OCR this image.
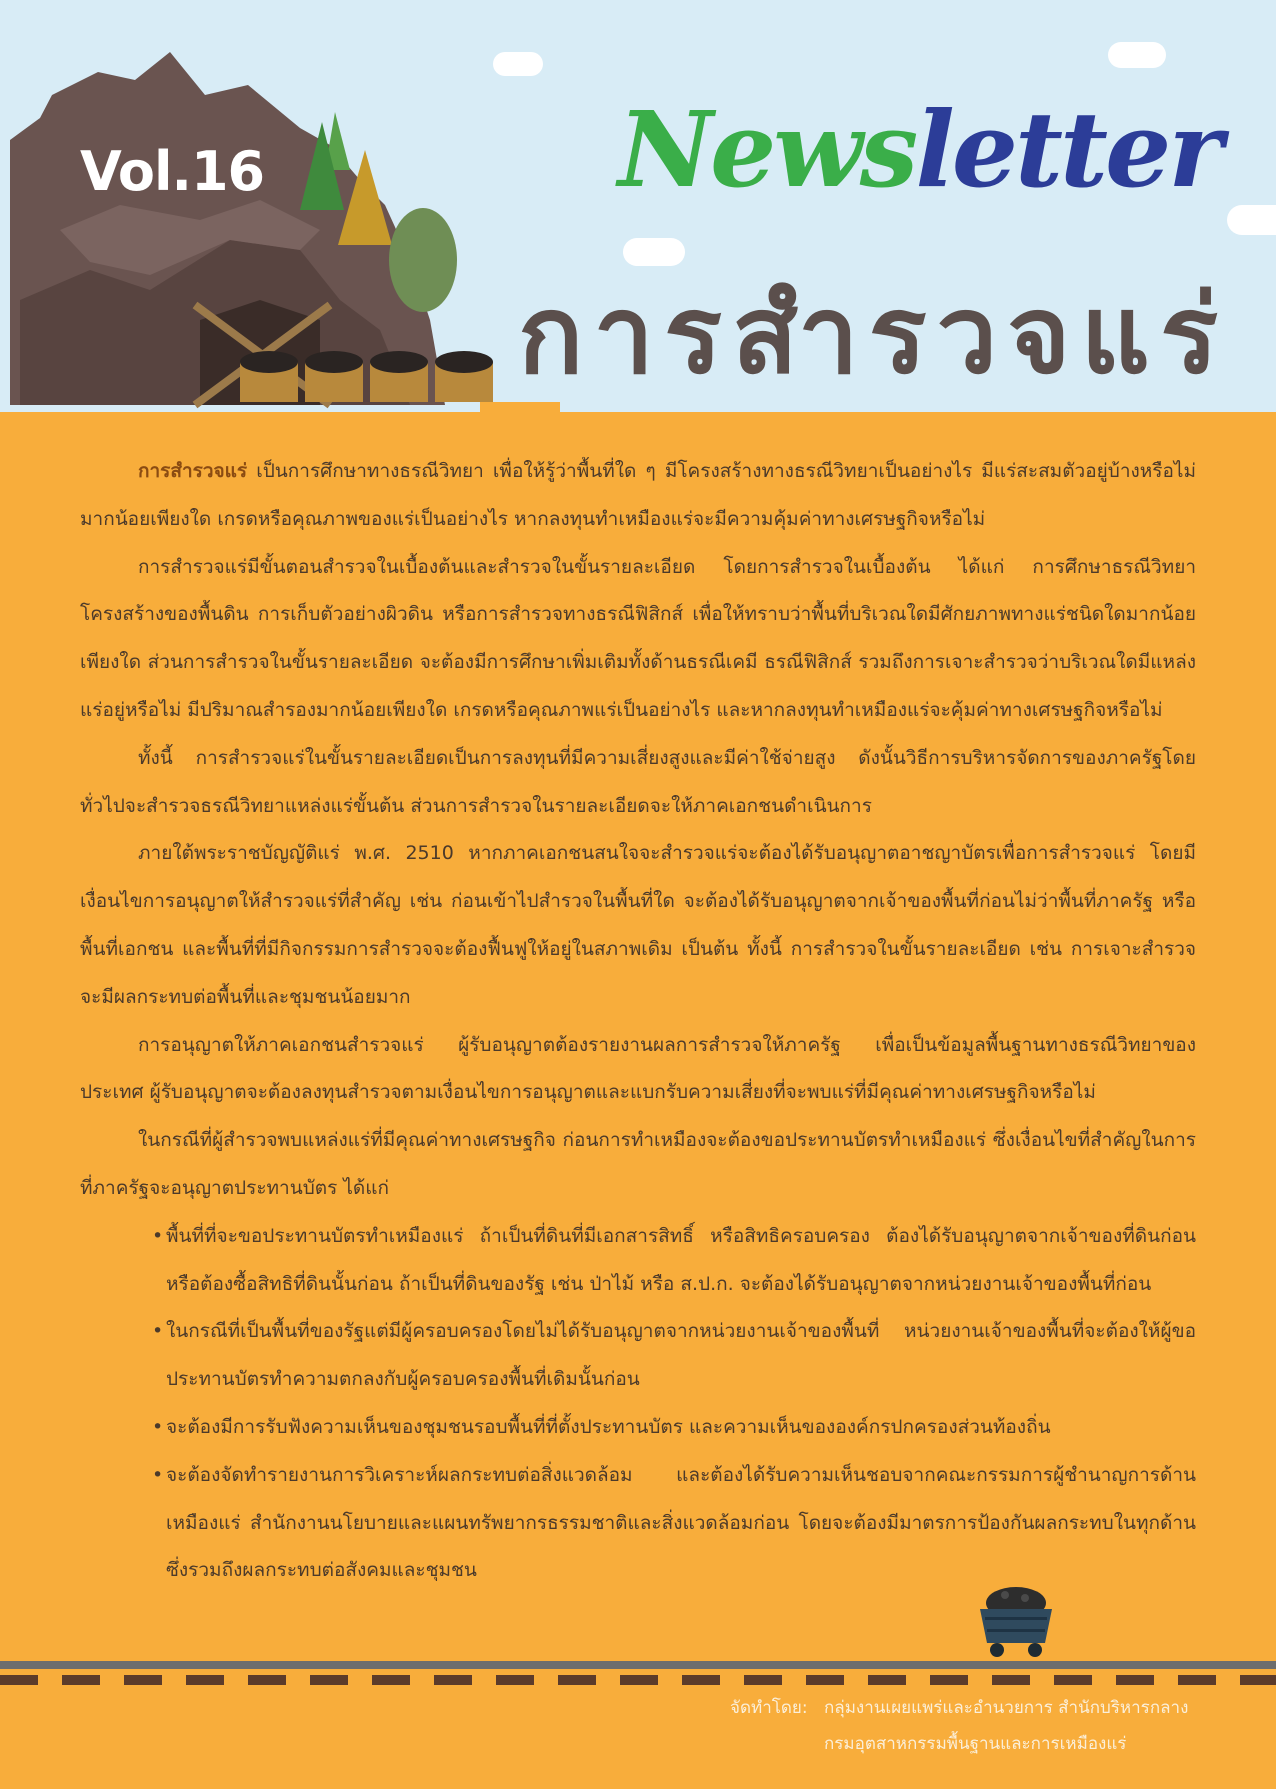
Vol.16	Newsletter
การสำรวจแร่

การสำรวจแร่ เป็นการศึกษาทางธรณีวิทยา เพื่อให้รู้ว่าพื้นที่ใด ๆ มีโครงสร้างทางธรณีวิทยาเป็นอย่างไร มีแร่สะสมตัวอยู่บ้างหรือไม่ มากน้อยเพียงใด เกรดหรือคุณภาพของแร่เป็นอย่างไร หากลงทุนทำเหมืองแร่จะมีความคุ้มค่าทางเศรษฐกิจหรือไม่

การสำรวจแร่มีขั้นตอนสำรวจในเบื้องต้นและสำรวจในขั้นรายละเอียด โดยการสำรวจในเบื้องต้น ได้แก่ การศึกษาธรณีวิทยา โครงสร้างของพื้นดิน การเก็บตัวอย่างผิวดิน หรือการสำรวจทางธรณีฟิสิกส์ เพื่อให้ทราบว่าพื้นที่บริเวณใดมีศักยภาพทางแร่ชนิดใดมากน้อยเพียงใด ส่วนการสำรวจในขั้นรายละเอียด จะต้องมีการศึกษาเพิ่มเติมทั้งด้านธรณีเคมี ธรณีฟิสิกส์ รวมถึงการเจาะสำรวจว่าบริเวณใดมีแหล่งแร่อยู่หรือไม่ มีปริมาณสำรองมากน้อยเพียงใด เกรดหรือคุณภาพแร่เป็นอย่างไร และหากลงทุนทำเหมืองแร่จะคุ้มค่าทางเศรษฐกิจหรือไม่

ทั้งนี้ การสำรวจแร่ในขั้นรายละเอียดเป็นการลงทุนที่มีความเสี่ยงสูงและมีค่าใช้จ่ายสูง ดังนั้นวิธีการบริหารจัดการของภาครัฐโดยทั่วไปจะสำรวจธรณีวิทยาแหล่งแร่ขั้นต้น ส่วนการสำรวจในรายละเอียดจะให้ภาคเอกชนดำเนินการ

ภายใต้พระราชบัญญัติแร่ พ.ศ. 2510 หากภาคเอกชนสนใจจะสำรวจแร่จะต้องได้รับอนุญาตอาชญาบัตรเพื่อการสำรวจแร่ โดยมีเงื่อนไขการอนุญาตให้สำรวจแร่ที่สำคัญ เช่น ก่อนเข้าไปสำรวจในพื้นที่ใด จะต้องได้รับอนุญาตจากเจ้าของพื้นที่ก่อนไม่ว่าพื้นที่ภาครัฐ หรือพื้นที่เอกชน และพื้นที่ที่มีกิจกรรมการสำรวจจะต้องฟื้นฟูให้อยู่ในสภาพเดิม เป็นต้น ทั้งนี้ การสำรวจในขั้นรายละเอียด เช่น การเจาะสำรวจ จะมีผลกระทบต่อพื้นที่และชุมชนน้อยมาก

การอนุญาตให้ภาคเอกชนสำรวจแร่ ผู้รับอนุญาตต้องรายงานผลการสำรวจให้ภาครัฐ เพื่อเป็นข้อมูลพื้นฐานทางธรณีวิทยาของประเทศ ผู้รับอนุญาตจะต้องลงทุนสำรวจตามเงื่อนไขการอนุญาตและแบกรับความเสี่ยงที่จะพบแร่ที่มีคุณค่าทางเศรษฐกิจหรือไม่

ในกรณีที่ผู้สำรวจพบแหล่งแร่ที่มีคุณค่าทางเศรษฐกิจ ก่อนการทำเหมืองจะต้องขอประทานบัตรทำเหมืองแร่ ซึ่งเงื่อนไขที่สำคัญในการที่ภาครัฐจะอนุญาตประทานบัตร ได้แก่

• พื้นที่ที่จะขอประทานบัตรทำเหมืองแร่ ถ้าเป็นที่ดินที่มีเอกสารสิทธิ์ หรือสิทธิครอบครอง ต้องได้รับอนุญาตจากเจ้าของที่ดินก่อน หรือต้องซื้อสิทธิที่ดินนั้นก่อน ถ้าเป็นที่ดินของรัฐ เช่น ป่าไม้ หรือ ส.ป.ก. จะต้องได้รับอนุญาตจากหน่วยงานเจ้าของพื้นที่ก่อน
• ในกรณีที่เป็นพื้นที่ของรัฐแต่มีผู้ครอบครองโดยไม่ได้รับอนุญาตจากหน่วยงานเจ้าของพื้นที่ หน่วยงานเจ้าของพื้นที่จะต้องให้ผู้ขอประทานบัตรทำความตกลงกับผู้ครอบครองพื้นที่เดิมนั้นก่อน
• จะต้องมีการรับฟังความเห็นของชุมชนรอบพื้นที่ที่ตั้งประทานบัตร และความเห็นขององค์กรปกครองส่วนท้องถิ่น
• จะต้องจัดทำรายงานการวิเคราะห์ผลกระทบต่อสิ่งแวดล้อม และต้องได้รับความเห็นชอบจากคณะกรรมการผู้ชำนาญการด้านเหมืองแร่ สำนักงานนโยบายและแผนทรัพยากรธรรมชาติและสิ่งแวดล้อมก่อน โดยจะต้องมีมาตรการป้องกันผลกระทบในทุกด้าน ซึ่งรวมถึงผลกระทบต่อสังคมและชุมชน
จัดทำโดย: กลุ่มงานเผยแพร่และอำนวยการ สำนักบริหารกลาง
กรมอุตสาหกรรมพื้นฐานและการเหมืองแร่
